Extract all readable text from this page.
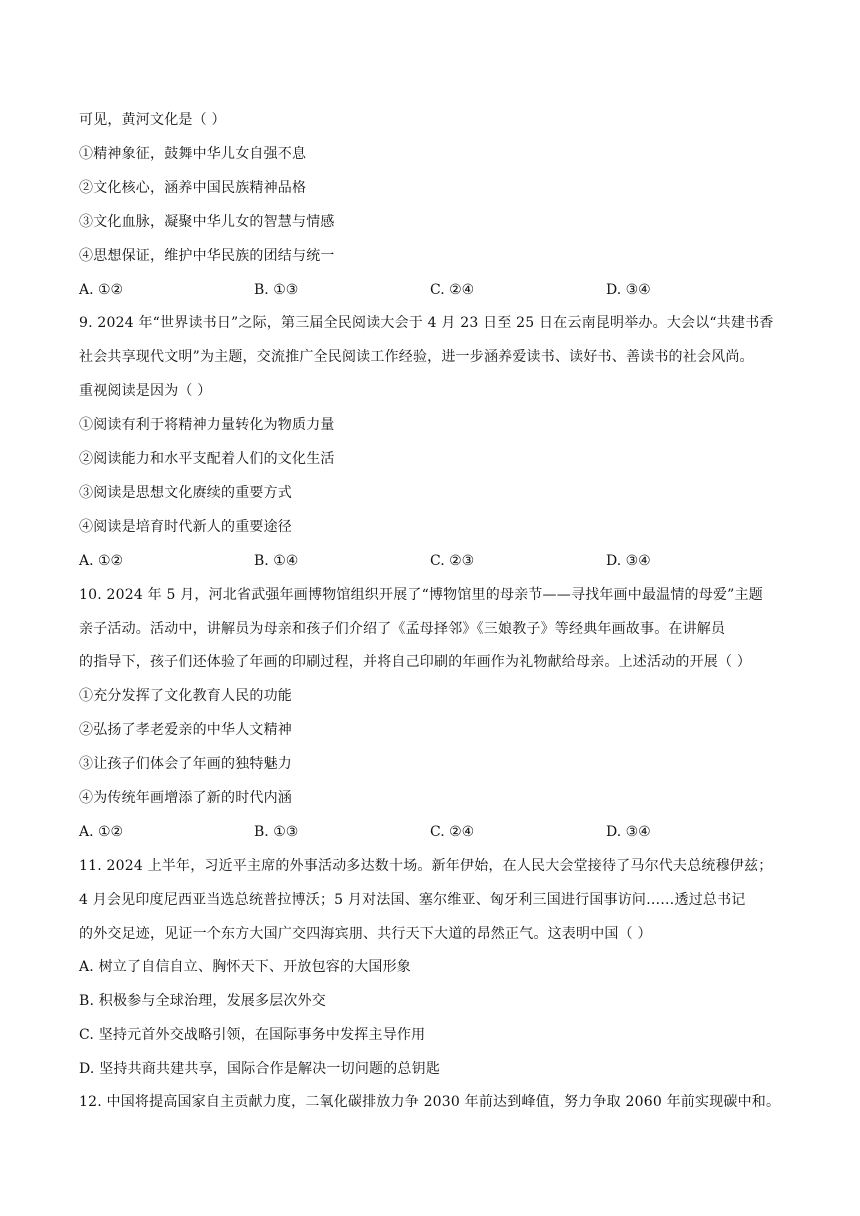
可见，黄河文化是（ ）
①精神象征，鼓舞中华儿女自强不息
②文化核心，涵养中国民族精神品格
③文化血脉，凝聚中华儿女的智慧与情感
④思想保证，维护中华民族的团结与统一
A. ①②	B. ①③	C. ②④	D. ③④
9. 2024 年“世界读书日”之际，第三届全民阅读大会于 4 月 23 日至 25 日在云南昆明举办。大会以“共建书香
社会共享现代文明”为主题，交流推广全民阅读工作经验，进一步涵养爱读书、读好书、善读书的社会风尚。
重视阅读是因为（ ）
①阅读有利于将精神力量转化为物质力量
②阅读能力和水平支配着人们的文化生活
③阅读是思想文化赓续的重要方式
④阅读是培育时代新人的重要途径
A. ①②	B. ①④	C. ②③	D. ③④
10. 2024 年 5 月，河北省武强年画博物馆组织开展了“博物馆里的母亲节——寻找年画中最温情的母爱”主题
亲子活动。活动中，讲解员为母亲和孩子们介绍了《孟母择邻》《三娘教子》等经典年画故事。在讲解员
的指导下，孩子们还体验了年画的印刷过程，并将自己印刷的年画作为礼物献给母亲。上述活动的开展（ ）
①充分发挥了文化教育人民的功能
②弘扬了孝老爱亲的中华人文精神
③让孩子们体会了年画的独特魅力
④为传统年画增添了新的时代内涵
A. ①②	B. ①③	C. ②④	D. ③④
11. 2024 上半年，习近平主席的外事活动多达数十场。新年伊始，在人民大会堂接待了马尔代夫总统穆伊兹；
4 月会见印度尼西亚当选总统普拉博沃；5 月对法国、塞尔维亚、匈牙利三国进行国事访问……透过总书记
的外交足迹，见证一个东方大国广交四海宾朋、共行天下大道的昂然正气。这表明中国（ ）
A. 树立了自信自立、胸怀天下、开放包容的大国形象
B. 积极参与全球治理，发展多层次外交
C. 坚持元首外交战略引领，在国际事务中发挥主导作用
D. 坚持共商共建共享，国际合作是解决一切问题的总钥匙
12. 中国将提高国家自主贡献力度，二氧化碳排放力争 2030 年前达到峰值，努力争取 2060 年前实现碳中和。
